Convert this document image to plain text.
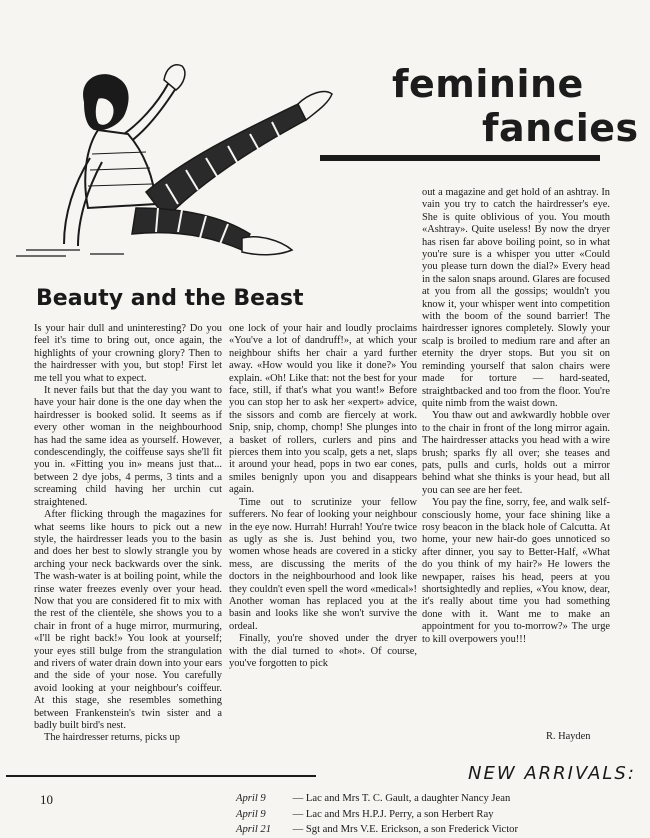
feminine
fancies
Beauty and the Beast

Is your hair dull and uninteresting? Do you feel it's time to bring out, once again, the highlights of your crowning glory? Then to the hairdresser with you, but stop! First let me tell you what to expect.

It never fails but that the day you want to have your hair done is the one day when the hairdresser is booked solid. It seems as if every other woman in the neighbourhood has had the same idea as yourself. However, condescendingly, the coiffeuse says she'll fit you in. «Fitting you in» means just that... between 2 dye jobs, 4 perms, 3 tints and a screaming child having her urchin cut straightened.

After flicking through the magazines for what seems like hours to pick out a new style, the hairdresser leads you to the basin and does her best to slowly strangle you by arching your neck backwards over the sink. The wash-water is at boiling point, while the rinse water freezes evenly over your head. Now that you are considered fit to mix with the rest of the clientèle, she shows you to a chair in front of a huge mirror, murmuring, «I'll be right back!» You look at yourself; your eyes still bulge from the strangulation and rivers of water drain down into your ears and the side of your nose. You carefully avoid looking at your neighbour's coiffeur. At this stage, she resembles something between Frankenstein's twin sister and a badly built bird's nest.

The hairdresser returns, picks up

one lock of your hair and loudly proclaims «You've a lot of dandruff!», at which your neighbour shifts her chair a yard further away. «How would you like it done?» You explain. «Oh! Like that: not the best for your face, still, if that's what you want!» Before you can stop her to ask her «expert» advice, the sissors and comb are fiercely at work. Snip, snip, chomp, chomp! She plunges into a basket of rollers, curlers and pins and pierces them into you scalp, gets a net, slaps it around your head, pops in two ear cones, smiles benignly upon you and disappears again.

Time out to scrutinize your fellow sufferers. No fear of looking your neighbour in the eye now. Hurrah! Hurrah! You're twice as ugly as she is. Just behind you, two women whose heads are covered in a sticky mess, are discussing the merits of the doctors in the neighbourhood and look like they couldn't even spell the word «medical»! Another woman has replaced you at the basin and looks like she won't survive the ordeal.

Finally, you're shoved under the dryer with the dial turned to «hot». Of course, you've forgotten to pick

out a magazine and get hold of an ashtray. In vain you try to catch the hairdresser's eye. She is quite oblivious of you. You mouth «Ashtray». Quite useless! By now the dryer has risen far above boiling point, so in what you're sure is a whisper you utter «Could you please turn down the dial?» Every head in the salon snaps around. Glares are focused at you from all the gossips; wouldn't you know it, your whisper went into competition with the boom of the sound barrier! The hairdresser ignores completely. Slowly your scalp is broiled to medium rare and after an eternity the dryer stops. But you sit on reminding yourself that salon chairs were made for torture — hard-seated, straightbacked and too from the floor. You're quite nimb from the waist down.

You thaw out and awkwardly hobble over to the chair in front of the long mirror again. The hairdresser attacks you head with a wire brush; sparks fly all over; she teases and pats, pulls and curls, holds out a mirror behind what she thinks is your head, but all you can see are her feet.

You pay the fine, sorry, fee, and walk self-consciously home, your face shining like a rosy beacon in the black hole of Calcutta. At home, your new hair-do goes unnoticed so after dinner, you say to Better-Half, «What do you think of my hair?» He lowers the newpaper, raises his head, peers at you shortsightedly and replies, «You know, dear, it's really about time you had something done with it. Want me to make an appointment for you to-morrow?» The urge to kill overpowers you!!!

R. Hayden
NEW ARRIVALS:
April 9	— Lac and Mrs T. C. Gault, a daughter Nancy Jean
April 9	— Lac and Mrs H.P.J. Perry, a son Herbert Ray
April 21 — Sgt and Mrs V.E. Erickson, a son Frederick Victor
10
